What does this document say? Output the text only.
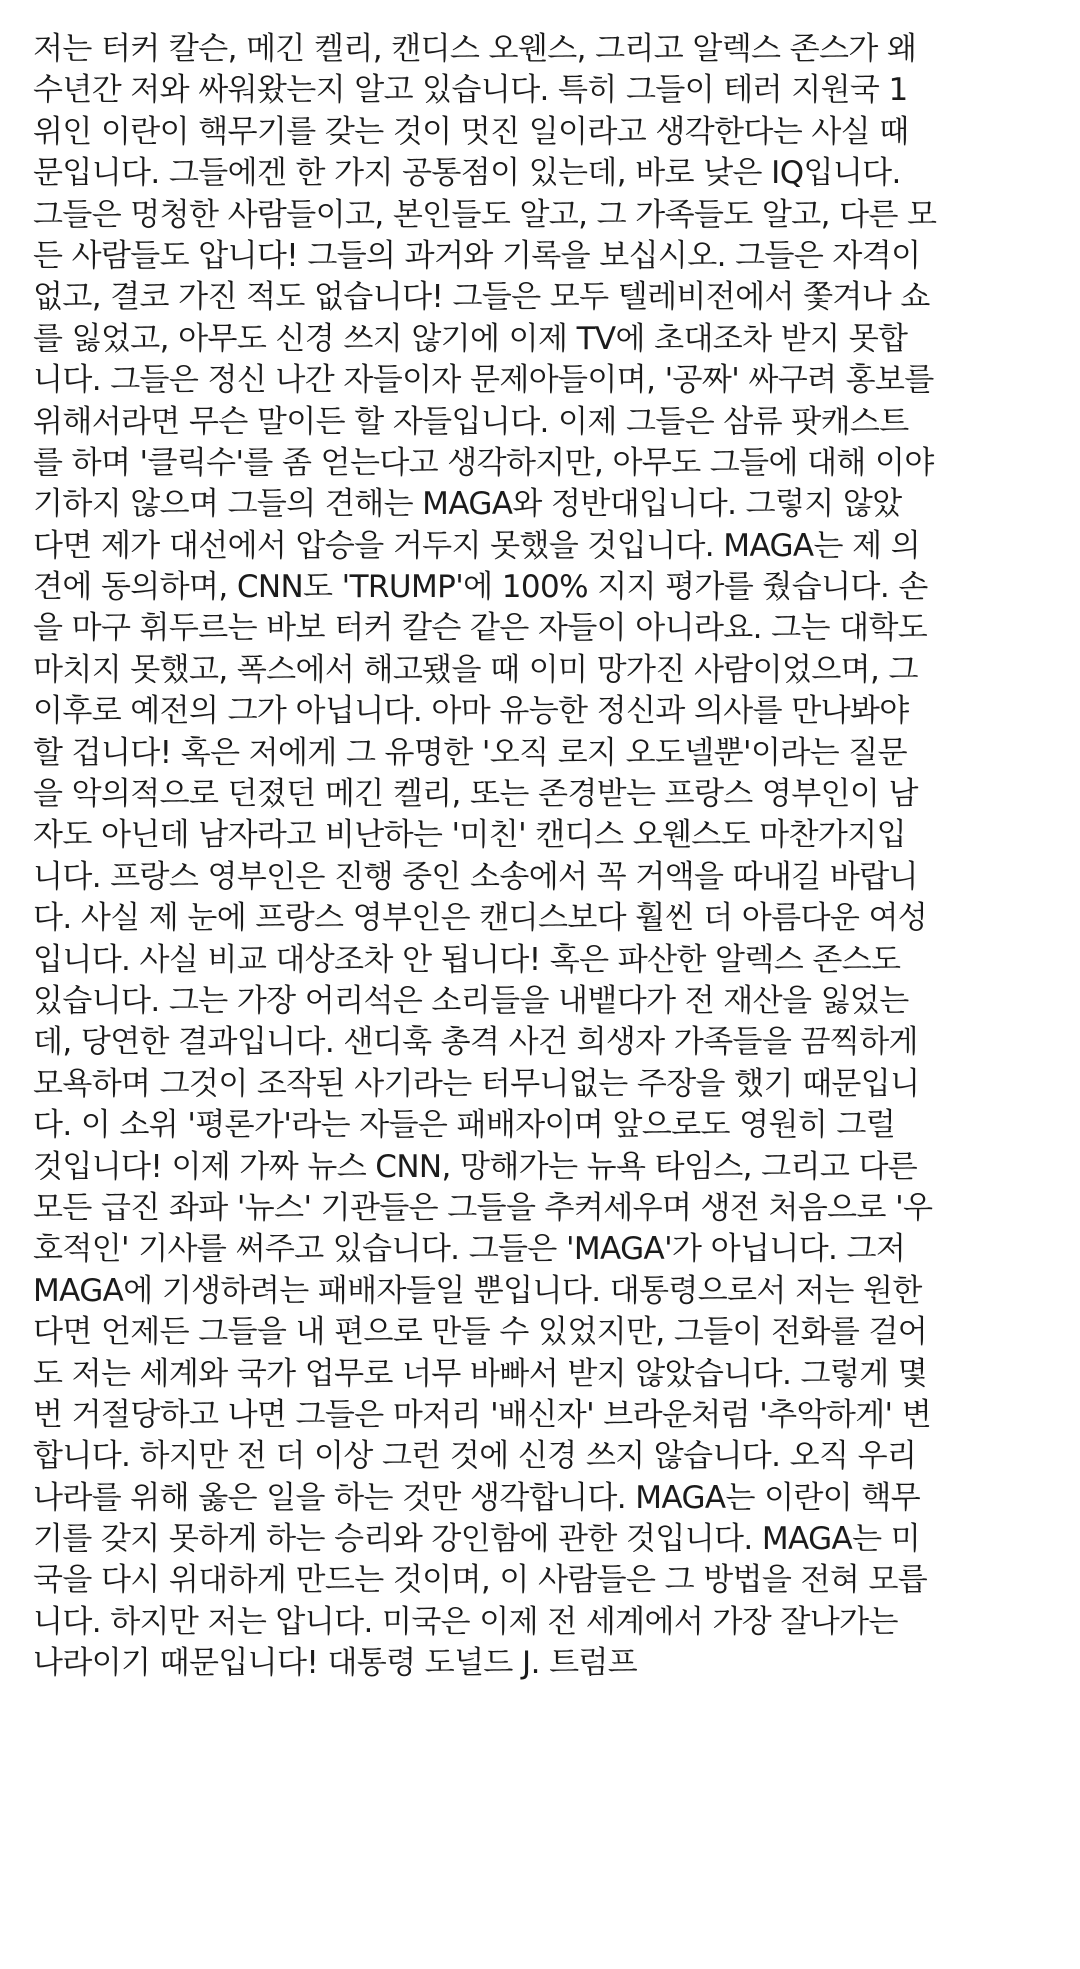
저는 터커 칼슨, 메긴 켈리, 캔디스 오웬스, 그리고 알렉스 존스가 왜
수년간 저와 싸워왔는지 알고 있습니다. 특히 그들이 테러 지원국 1
위인 이란이 핵무기를 갖는 것이 멋진 일이라고 생각한다는 사실 때
문입니다. 그들에겐 한 가지 공통점이 있는데, 바로 낮은 IQ입니다.
그들은 멍청한 사람들이고, 본인들도 알고, 그 가족들도 알고, 다른 모
든 사람들도 압니다! 그들의 과거와 기록을 보십시오. 그들은 자격이
없고, 결코 가진 적도 없습니다! 그들은 모두 텔레비전에서 쫓겨나 쇼
를 잃었고, 아무도 신경 쓰지 않기에 이제 TV에 초대조차 받지 못합
니다. 그들은 정신 나간 자들이자 문제아들이며, '공짜' 싸구려 홍보를
위해서라면 무슨 말이든 할 자들입니다. 이제 그들은 삼류 팟캐스트
를 하며 '클릭수'를 좀 얻는다고 생각하지만, 아무도 그들에 대해 이야
기하지 않으며 그들의 견해는 MAGA와 정반대입니다. 그렇지 않았
다면 제가 대선에서 압승을 거두지 못했을 것입니다. MAGA는 제 의
견에 동의하며, CNN도 'TRUMP'에 100% 지지 평가를 줬습니다. 손
을 마구 휘두르는 바보 터커 칼슨 같은 자들이 아니라요. 그는 대학도
마치지 못했고, 폭스에서 해고됐을 때 이미 망가진 사람이었으며, 그
이후로 예전의 그가 아닙니다. 아마 유능한 정신과 의사를 만나봐야
할 겁니다! 혹은 저에게 그 유명한 '오직 로지 오도넬뿐'이라는 질문
을 악의적으로 던졌던 메긴 켈리, 또는 존경받는 프랑스 영부인이 남
자도 아닌데 남자라고 비난하는 '미친' 캔디스 오웬스도 마찬가지입
니다. 프랑스 영부인은 진행 중인 소송에서 꼭 거액을 따내길 바랍니
다. 사실 제 눈에 프랑스 영부인은 캔디스보다 훨씬 더 아름다운 여성
입니다. 사실 비교 대상조차 안 됩니다! 혹은 파산한 알렉스 존스도
있습니다. 그는 가장 어리석은 소리들을 내뱉다가 전 재산을 잃었는
데, 당연한 결과입니다. 샌디훅 총격 사건 희생자 가족들을 끔찍하게
모욕하며 그것이 조작된 사기라는 터무니없는 주장을 했기 때문입니
다. 이 소위 '평론가'라는 자들은 패배자이며 앞으로도 영원히 그럴
것입니다! 이제 가짜 뉴스 CNN, 망해가는 뉴욕 타임스, 그리고 다른
모든 급진 좌파 '뉴스' 기관들은 그들을 추켜세우며 생전 처음으로 '우
호적인' 기사를 써주고 있습니다. 그들은 'MAGA'가 아닙니다. 그저
MAGA에 기생하려는 패배자들일 뿐입니다. 대통령으로서 저는 원한
다면 언제든 그들을 내 편으로 만들 수 있었지만, 그들이 전화를 걸어
도 저는 세계와 국가 업무로 너무 바빠서 받지 않았습니다. 그렇게 몇
번 거절당하고 나면 그들은 마저리 '배신자' 브라운처럼 '추악하게' 변
합니다. 하지만 전 더 이상 그런 것에 신경 쓰지 않습니다. 오직 우리
나라를 위해 옳은 일을 하는 것만 생각합니다. MAGA는 이란이 핵무
기를 갖지 못하게 하는 승리와 강인함에 관한 것입니다. MAGA는 미
국을 다시 위대하게 만드는 것이며, 이 사람들은 그 방법을 전혀 모릅
니다. 하지만 저는 압니다. 미국은 이제 전 세계에서 가장 잘나가는
나라이기 때문입니다! 대통령 도널드 J. 트럼프
